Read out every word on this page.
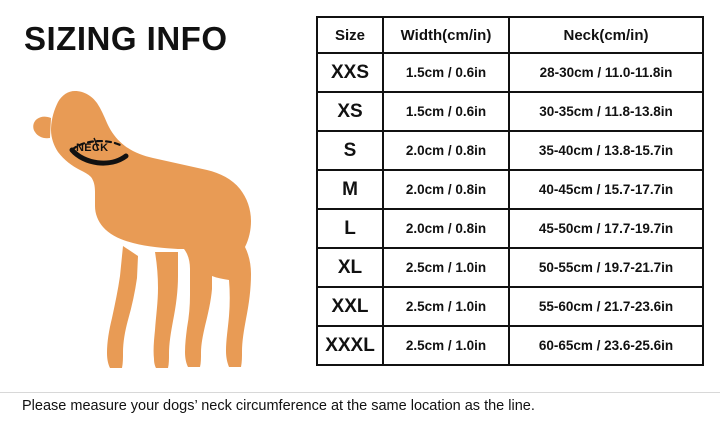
SIZING INFO
NECK
Size	Width(cm/in)	Neck(cm/in)
XXS	1.5cm / 0.6in	28-30cm / 11.0-11.8in
XS	1.5cm / 0.6in	30-35cm / 11.8-13.8in
S	2.0cm / 0.8in	35-40cm / 13.8-15.7in
M	2.0cm / 0.8in	40-45cm / 15.7-17.7in
L	2.0cm / 0.8in	45-50cm / 17.7-19.7in
XL	2.5cm / 1.0in	50-55cm / 19.7-21.7in
XXL	2.5cm / 1.0in	55-60cm / 21.7-23.6in
XXXL	2.5cm / 1.0in	60-65cm / 23.6-25.6in
Please measure your dogs’ neck circumference at the same location as the line.
